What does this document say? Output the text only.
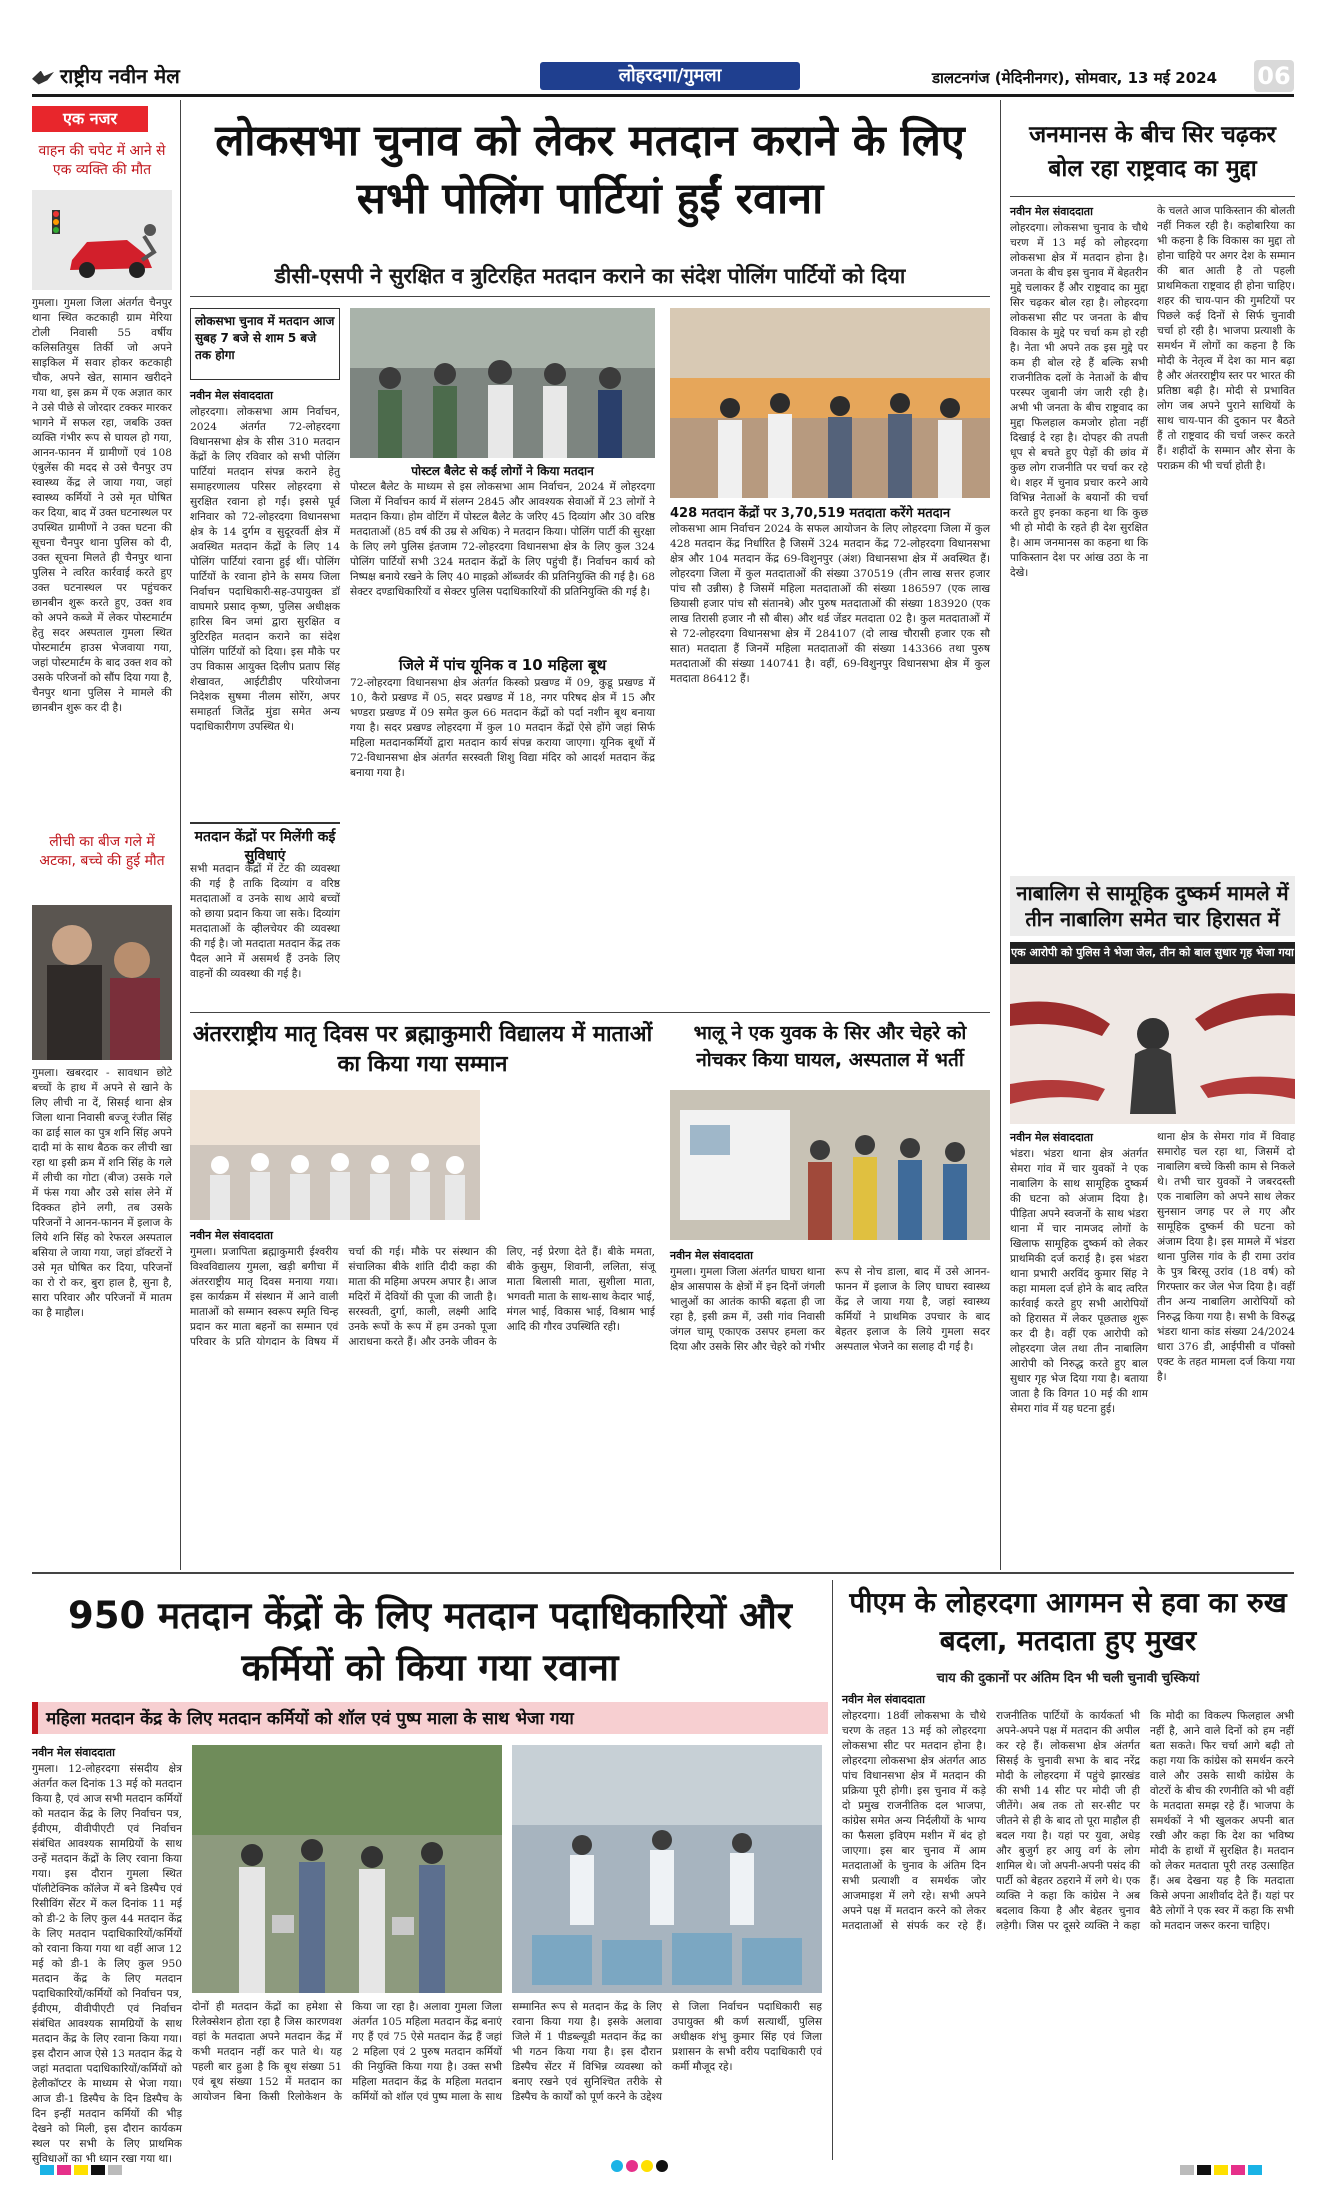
राष्ट्रीय नवीन मेल	लोहरदगा/गुमला	डालटनगंज (मेदिनीनगर), सोमवार, 13 मई 2024 06
एक नजर
वाहन की चपेट में आने से एक व्यक्ति की मौत
गुमला। गुमला जिला अंतर्गत चैनपुर थाना स्थित कटकाही ग्राम मेरिया टोली निवासी 55 वर्षीय कलिसतियुस तिर्की जो अपने साइकिल में सवार होकर कटकाही चौक, अपने खेत, सामान खरीदने गया था, इस क्रम में एक अज्ञात कार ने उसे पीछे से जोरदार टक्कर मारकर भागने में सफल रहा, जबकि उक्त व्यक्ति गंभीर रूप से घायल हो गया, आनन-फानन में ग्रामीणों एवं 108 एंबुलेंस की मदद से उसे चैनपुर उप स्वास्थ्य केंद्र ले जाया गया, जहां स्वास्थ्य कर्मियों ने उसे मृत घोषित कर दिया, बाद में उक्त घटनास्थल पर उपस्थित ग्रामीणों ने उक्त घटना की सूचना चैनपुर थाना पुलिस को दी, उक्त सूचना मिलते ही चैनपुर थाना पुलिस ने त्वरित कार्रवाई करते हुए उक्त घटनास्थल पर पहुंचकर छानबीन शुरू करते हुए, उक्त शव को अपने कब्जे में लेकर पोस्टमार्टम हेतु सदर अस्पताल गुमला स्थित पोस्टमार्टम हाउस भेजवाया गया, जहां पोस्टमार्टम के बाद उक्त शव को उसके परिजनों को सौंप दिया गया है, चैनपुर थाना पुलिस ने मामले की छानबीन शुरू कर दी है।
लीची का बीज गले में अटका, बच्चे की हुई मौत
गुमला। खबरदार - सावधान छोटे बच्चों के हाथ में अपने से खाने के लिए लीची ना दें, सिसई थाना क्षेत्र जिला थाना निवासी बज्जू रंजीत सिंह का ढाई साल का पुत्र शनि सिंह अपने दादी मां के साथ बैठक कर लीची खा रहा था इसी क्रम में शनि सिंह के गले में लीची का गोटा (बीज) उसके गले में फंस गया और उसे सांस लेने में दिक्कत होने लगी, तब उसके परिजनों ने आनन-फानन में इलाज के लिये शनि सिंह को रेफरल अस्पताल बसिया ले जाया गया, जहां डॉक्टरों ने उसे मृत घोषित कर दिया, परिजनों का रो रो कर, बुरा हाल है, सुना है, सारा परिवार और परिजनों में मातम का है माहौल।
लोकसभा चुनाव को लेकर मतदान कराने के लिए सभी पोलिंग पार्टियां हुईं रवाना
डीसी-एसपी ने सुरक्षित व त्रुटिरहित मतदान कराने का संदेश पोलिंग पार्टियों को दिया
लोकसभा चुनाव में मतदान आज सुबह 7 बजे से शाम 5 बजे तक होगा
नवीन मेल संवाददाता
लोहरदगा। लोकसभा आम निर्वाचन, 2024 अंतर्गत 72-लोहरदगा विधानसभा क्षेत्र के सीस 310 मतदान केंद्रों के लिए रविवार को सभी पोलिंग पार्टियां मतदान संपन्न कराने हेतु समाहरणालय परिसर लोहरदगा से सुरक्षित रवाना हो गईं। इससे पूर्व शनिवार को 72-लोहरदगा विधानसभा क्षेत्र के 14 दुर्गम व सुदूरवर्ती क्षेत्र में अवस्थित मतदान केंद्रों के लिए 14 पोलिंग पार्टियां रवाना हुई थीं। पोलिंग पार्टियों के रवाना होने के समय जिला निर्वाचन पदाधिकारी-सह-उपायुक्त डॉ वाघमारे प्रसाद कृष्ण, पुलिस अधीक्षक हारिस बिन जमां द्वारा सुरक्षित व त्रुटिरहित मतदान कराने का संदेश पोलिंग पार्टियों को दिया। इस मौके पर उप विकास आयुक्त दिलीप प्रताप सिंह शेखावत, आईटीडीए परियोजना निदेशक सुषमा नीलम सोरेंग, अपर समाहर्ता जितेंद्र मुंडा समेत अन्य पदाधिकारीगण उपस्थित थे।
पोस्टल बैलेट से कई लोगों ने किया मतदान
पोस्टल बैलेट के माध्यम से इस लोकसभा आम निर्वाचन, 2024 में लोहरदगा जिला में निर्वाचन कार्य में संलग्न 2845 और आवश्यक सेवाओं में 23 लोगों ने मतदान किया। होम वोटिंग में पोस्टल बैलेट के जरिए 45 दिव्यांग और 30 वरिष्ठ मतदाताओं (85 वर्ष की उम्र से अधिक) ने मतदान किया। पोलिंग पार्टी की सुरक्षा के लिए लगे पुलिस इंतजाम 72-लोहरदगा विधानसभा क्षेत्र के लिए कुल 324 पोलिंग पार्टियों सभी 324 मतदान केंद्रों के लिए पहुंची हैं। निर्वाचन कार्य को निष्पक्ष बनाये रखने के लिए 40 माइक्रो ऑब्जर्वर की प्रतिनियुक्ति की गई है। 68 सेक्टर दण्डाधिकारियों व सेक्टर पुलिस पदाधिकारियों की प्रतिनियुक्ति की गई है।
428 मतदान केंद्रों पर 3,70,519 मतदाता करेंगे मतदान
लोकसभा आम निर्वाचन 2024 के सफल आयोजन के लिए लोहरदगा जिला में कुल 428 मतदान केंद्र निर्धारित है जिसमें 324 मतदान केंद्र 72-लोहरदगा विधानसभा क्षेत्र और 104 मतदान केंद्र 69-विशुनपुर (अंश) विधानसभा क्षेत्र में अवस्थित हैं। लोहरदगा जिला में कुल मतदाताओं की संख्या 370519 (तीन लाख सत्तर हजार पांच सौ उन्नीस) है जिसमें महिला मतदाताओं की संख्या 186597 (एक लाख छियासी हजार पांच सौ संतानबे) और पुरुष मतदाताओं की संख्या 183920 (एक लाख तिरासी हजार नौ सौ बीस) और थर्ड जेंडर मतदाता 02 है। कुल मतदाताओं में से 72-लोहरदगा विधानसभा क्षेत्र में 284107 (दो लाख चौरासी हजार एक सौ सात) मतदाता हैं जिनमें महिला मतदाताओं की संख्या 143366 तथा पुरुष मतदाताओं की संख्या 140741 है। वहीं, 69-विशुनपुर विधानसभा क्षेत्र में कुल मतदाता 86412 हैं।
जिले में पांच यूनिक व 10 महिला बूथ
72-लोहरदगा विधानसभा क्षेत्र अंतर्गत किस्को प्रखण्ड में 09, कुडू प्रखण्ड में 10, कैरो प्रखण्ड में 05, सदर प्रखण्ड में 18, नगर परिषद क्षेत्र में 15 और भण्डरा प्रखण्ड में 09 समेत कुल 66 मतदान केंद्रों को पर्दा नशीन बूथ बनाया गया है। सदर प्रखण्ड लोहरदगा में कुल 10 मतदान केंद्रों ऐसे होंगे जहां सिर्फ महिला मतदानकर्मियों द्वारा मतदान कार्य संपन्न कराया जाएगा। यूनिक बूथों में 72-विधानसभा क्षेत्र अंतर्गत सरस्वती शिशु विद्या मंदिर को आदर्श मतदान केंद्र बनाया गया है।
मतदान केंद्रों पर मिलेंगी कई सुविधाएं
सभी मतदान केंद्रों में टेंट की व्यवस्था की गई है ताकि दिव्यांग व वरिष्ठ मतदाताओं व उनके साथ आये बच्चों को छाया प्रदान किया जा सके। दिव्यांग मतदाताओं के व्हीलचेयर की व्यवस्था की गई है। जो मतदाता मतदान केंद्र तक पैदल आने में असमर्थ हैं उनके लिए वाहनों की व्यवस्था की गई है।
अंतरराष्ट्रीय मातृ दिवस पर ब्रह्माकुमारी विद्यालय में माताओं का किया गया सम्मान
नवीन मेल संवाददाता
गुमला। प्रजापिता ब्रह्माकुमारी ईश्वरीय विश्वविद्यालय गुमला, खड़ी बगीचा में अंतरराष्ट्रीय मातृ दिवस मनाया गया। इस कार्यक्रम में संस्थान में आने वाली माताओं को सम्मान स्वरूप स्मृति चिन्ह प्रदान कर माता बहनों का सम्मान एवं परिवार के प्रति योगदान के विषय में चर्चा की गई। मौके पर संस्थान की संचालिका बीके शांति दीदी कहा की माता की महिमा अपरम अपार है। आज मदिरों में देवियों की पूजा की जाती है। सरस्वती, दुर्गा, काली, लक्ष्मी आदि उनके रूपों के रूप में हम उनको पूजा आराधना करते हैं। और उनके जीवन के लिए, नई प्रेरणा देते हैं। बीके ममता, बीके कुसुम, शिवानी, ललिता, संजू माता बिलासी माता, सुशीला माता, भगवती माता के साथ-साथ केदार भाई, मंगल भाई, विकास भाई, विश्राम भाई आदि की गौरव उपस्थिति रही।
भालू ने एक युवक के सिर और चेहरे को नोचकर किया घायल, अस्पताल में भर्ती
नवीन मेल संवाददाता
गुमला। गुमला जिला अंतर्गत घाघरा थाना क्षेत्र आसपास के क्षेत्रों में इन दिनों जंगली भालुओं का आतंक काफी बढ़ता ही जा रहा है, इसी क्रम में, उसी गांव निवासी जंगल चामू एकाएक उसपर हमला कर दिया और उसके सिर और चेहरे को गंभीर रूप से नोच डाला, बाद में उसे आनन-फानन में इलाज के लिए घाघरा स्वास्थ्य केंद्र ले जाया गया है, जहां स्वास्थ्य कर्मियों ने प्राथमिक उपचार के बाद बेहतर इलाज के लिये गुमला सदर अस्पताल भेजने का सलाह दी गई है।
जनमानस के बीच सिर चढ़कर बोल रहा राष्ट्रवाद का मुद्दा
नवीन मेल संवाददाता
लोहरदगा। लोकसभा चुनाव के चौथे चरण में 13 मई को लोहरदगा लोकसभा क्षेत्र में मतदान होना है। जनता के बीच इस चुनाव में बेहतरीन मुद्दे चलाकर हैं और राष्ट्रवाद का मुद्दा सिर चढ़कर बोल रहा है। लोहरदगा लोकसभा सीट पर जनता के बीच विकास के मुद्दे पर चर्चा कम हो रही है। नेता भी अपने तक इस मुद्दे पर कम ही बोल रहे हैं बल्कि सभी राजनीतिक दलों के नेताओं के बीच परस्पर जुबानी जंग जारी रही है। अभी भी जनता के बीच राष्ट्रवाद का मुद्दा फिलहाल कमजोर होता नहीं दिखाई दे रहा है। दोपहर की तपती धूप से बचते हुए पेड़ों की छांव में कुछ लोग राजनीति पर चर्चा कर रहे थे। शहर में चुनाव प्रचार करने आये विभिन्न नेताओं के बयानों की चर्चा करते हुए इनका कहना था कि कुछ भी हो मोदी के रहते ही देश सुरक्षित है। आम जनमानस का कहना था कि पाकिस्तान देश पर आंख उठा के ना देखे।
के चलते आज पाकिस्तान की बोलती नहीं निकल रही है। कहोबारिया का भी कहना है कि विकास का मुद्दा तो होना चाहिये पर अगर देश के सम्मान की बात आती है तो पहली प्राथमिकता राष्ट्रवाद ही होना चाहिए। शहर की चाय-पान की गुमटियों पर पिछले कई दिनों से सिर्फ चुनावी चर्चा हो रही है। भाजपा प्रत्याशी के समर्थन में लोगों का कहना है कि मोदी के नेतृत्व में देश का मान बढ़ा है और अंतरराष्ट्रीय स्तर पर भारत की प्रतिष्ठा बढ़ी है। मोदी से प्रभावित लोग जब अपने पुराने साथियों के साथ चाय-पान की दुकान पर बैठते हैं तो राष्ट्रवाद की चर्चा जरूर करते हैं। शहीदों के सम्मान और सेना के पराक्रम की भी चर्चा होती है।
नाबालिग से सामूहिक दुष्कर्म मामले में तीन नाबालिग समेत चार हिरासत में
एक आरोपी को पुलिस ने भेजा जेल, तीन को बाल सुधार गृह भेजा गया
नवीन मेल संवाददाता
भंडरा। भंडरा थाना क्षेत्र अंतर्गत सेमरा गांव में चार युवकों ने एक नाबालिग के साथ सामूहिक दुष्कर्म की घटना को अंजाम दिया है। पीड़िता अपने स्वजनों के साथ भंडरा थाना में चार नामजद लोगों के खिलाफ सामूहिक दुष्कर्म को लेकर प्राथमिकी दर्ज कराई है। इस भंडरा थाना प्रभारी अरविंद कुमार सिंह ने कहा मामला दर्ज होने के बाद त्वरित कार्रवाई करते हुए सभी आरोपियों को हिरासत में लेकर पूछताछ शुरू कर दी है। वहीं एक आरोपी को लोहरदगा जेल तथा तीन नाबालिग आरोपी को निरुद्ध करते हुए बाल सुधार गृह भेज दिया गया है। बताया जाता है कि विगत 10 मई की शाम सेमरा गांव में यह घटना हुई।
थाना क्षेत्र के सेमरा गांव में विवाह समारोह चल रहा था, जिसमें दो नाबालिग बच्चे किसी काम से निकले थे। तभी चार युवकों ने जबरदस्ती एक नाबालिग को अपने साथ लेकर सुनसान जगह पर ले गए और सामूहिक दुष्कर्म की घटना को अंजाम दिया है। इस मामले में भंडरा थाना पुलिस गांव के ही रामा उरांव के पुत्र बिरसू उरांव (18 वर्ष) को गिरफ्तार कर जेल भेज दिया है। वहीं तीन अन्य नाबालिग आरोपियों को निरुद्ध किया गया है। सभी के विरुद्ध भंडरा थाना कांड संख्या 24/2024 धारा 376 डी, आईपीसी व पॉक्सो एक्ट के तहत मामला दर्ज किया गया है।
950 मतदान केंद्रों के लिए मतदान पदाधिकारियों और कर्मियों को किया गया रवाना
महिला मतदान केंद्र के लिए मतदान कर्मियों को शॉल एवं पुष्प माला के साथ भेजा गया
नवीन मेल संवाददाता
गुमला। 12-लोहरदगा संसदीय क्षेत्र अंतर्गत कल दिनांक 13 मई को मतदान किया है, एवं आज सभी मतदान कर्मियों को मतदान केंद्र के लिए निर्वाचन पत्र, ईवीएम, वीवीपीएटी एवं निर्वाचन संबंधित आवश्यक सामग्रियों के साथ उन्हें मतदान केंद्रों के लिए रवाना किया गया। इस दौरान गुमला स्थित पॉलीटेक्निक कॉलेज में बने डिस्पैच एवं रिसीविंग सेंटर में कल दिनांक 11 मई को डी-2 के लिए कुल 44 मतदान केंद्र के लिए मतदान पदाधिकारियों/कर्मियों को रवाना किया गया था वहीं आज 12 मई को डी-1 के लिए कुल 950 मतदान केंद्र के लिए मतदान पदाधिकारियों/कर्मियों को निर्वाचन पत्र, ईवीएम, वीवीपीएटी एवं निर्वाचन संबंधित आवश्यक सामग्रियों के साथ मतदान केंद्र के लिए रवाना किया गया। इस दौरान आज ऐसे 13 मतदान केंद्र ये जहां मतदाता पदाधिकारियों/कर्मियों को हेलीकॉप्टर के माध्यम से भेजा गया। आज डी-1 डिस्पैच के दिन डिस्पैच के दिन इन्हीं मतदान कर्मियों की भीड़ देखने को मिली, इस दौरान कार्यकम स्थल पर सभी के लिए प्राथमिक सुविधाओं का भी ध्यान रखा गया था।
दोनों ही मतदान केंद्रों का हमेशा से रिलेक्सेशन होता रहा है जिस कारणवश वहां के मतदाता अपने मतदान केंद्र में कभी मतदान नहीं कर पाते थे। यह पहली बार हुआ है कि बूथ संख्या 51 एवं बूथ संख्या 152 में मतदान का आयोजन बिना किसी रिलोकेशन के किया जा रहा है। अलावा गुमला जिला अंतर्गत 105 महिला मतदान केंद्र बनाएं गए हैं एवं 75 ऐसे मतदान केंद्र हैं जहां 2 महिला एवं 2 पुरुष मतदान कर्मियों की नियुक्ति किया गया है। उक्त सभी महिला मतदान केंद्र के महिला मतदान कर्मियों को शॉल एवं पुष्प माला के साथ सम्मानित रूप से मतदान केंद्र के लिए रवाना किया गया है। इसके अलावा जिले में 1 पीडब्ल्यूडी मतदान केंद्र का भी गठन किया गया है। इस दौरान डिस्पैच सेंटर में विभिन्न व्यवस्था को बनाए रखने एवं सुनिश्चित तरीके से डिस्पैच के कार्यों को पूर्ण करने के उद्देश्य से जिला निर्वाचन पदाधिकारी सह उपायुक्त श्री कर्ण सत्यार्थी, पुलिस अधीक्षक शंभु कुमार सिंह एवं जिला प्रशासन के सभी वरीय पदाधिकारी एवं कर्मी मौजूद रहे।
पीएम के लोहरदगा आगमन से हवा का रुख बदला, मतदाता हुए मुखर
चाय की दुकानों पर अंतिम दिन भी चली चुनावी चुस्कियां
नवीन मेल संवाददाता
लोहरदगा। 18वीं लोकसभा के चौथे चरण के तहत 13 मई को लोहरदगा लोकसभा सीट पर मतदान होना है। लोहरदगा लोकसभा क्षेत्र अंतर्गत आठ पांच विधानसभा क्षेत्र में मतदान की प्रक्रिया पूरी होगी। इस चुनाव में कड़े दो प्रमुख राजनीतिक दल भाजपा, कांग्रेस समेत अन्य निर्दलीयों के भाग्य का फैसला इविएम मशीन में बंद हो जाएगा। इस बार चुनाव में आम मतदाताओं के चुनाव के अंतिम दिन सभी प्रत्याशी व समर्थक जोर आजमाइश में लगे रहे। सभी अपने अपने पक्ष में मतदान करने को लेकर मतदाताओं से संपर्क कर रहे हैं। राजनीतिक पार्टियों के कार्यकर्ता भी अपने-अपने पक्ष में मतदान की अपील कर रहे हैं। लोकसभा क्षेत्र अंतर्गत सिसई के चुनावी सभा के बाद नरेंद्र मोदी के लोहरदगा में पहुंचे झारखंड की सभी 14 सीट पर मोदी जी ही जीतेंगे। अब तक तो सर-सीट पर जीतने से ही के बाद तो पूरा माहौल ही बदल गया है। यहां पर युवा, अधेड़ और बुजुर्ग हर आयु वर्ग के लोग शामिल थे। जो अपनी-अपनी पसंद की पार्टी को बेहतर ठहराने में लगे थे। एक व्यक्ति ने कहा कि कांग्रेस ने अब बदलाव किया है और बेहतर चुनाव लड़ेगी। जिस पर दूसरे व्यक्ति ने कहा कि मोदी का विकल्प फिलहाल अभी नहीं है, आने वाले दिनों को हम नहीं बता सकते। फिर चर्चा आगे बढ़ी तो कहा गया कि कांग्रेस को समर्थन करने वाले और उसके साथी कांग्रेस के वोटरों के बीच की रणनीति को भी वहीं के मतदाता समझ रहे हैं। भाजपा के समर्थकों ने भी खुलकर अपनी बात रखी और कहा कि देश का भविष्य मोदी के हाथों में सुरक्षित है। मतदान को लेकर मतदाता पूरी तरह उत्साहित हैं। अब देखना यह है कि मतदाता किसे अपना आशीर्वाद देते हैं। यहां पर बैठे लोगों ने एक स्वर में कहा कि सभी को मतदान जरूर करना चाहिए।
